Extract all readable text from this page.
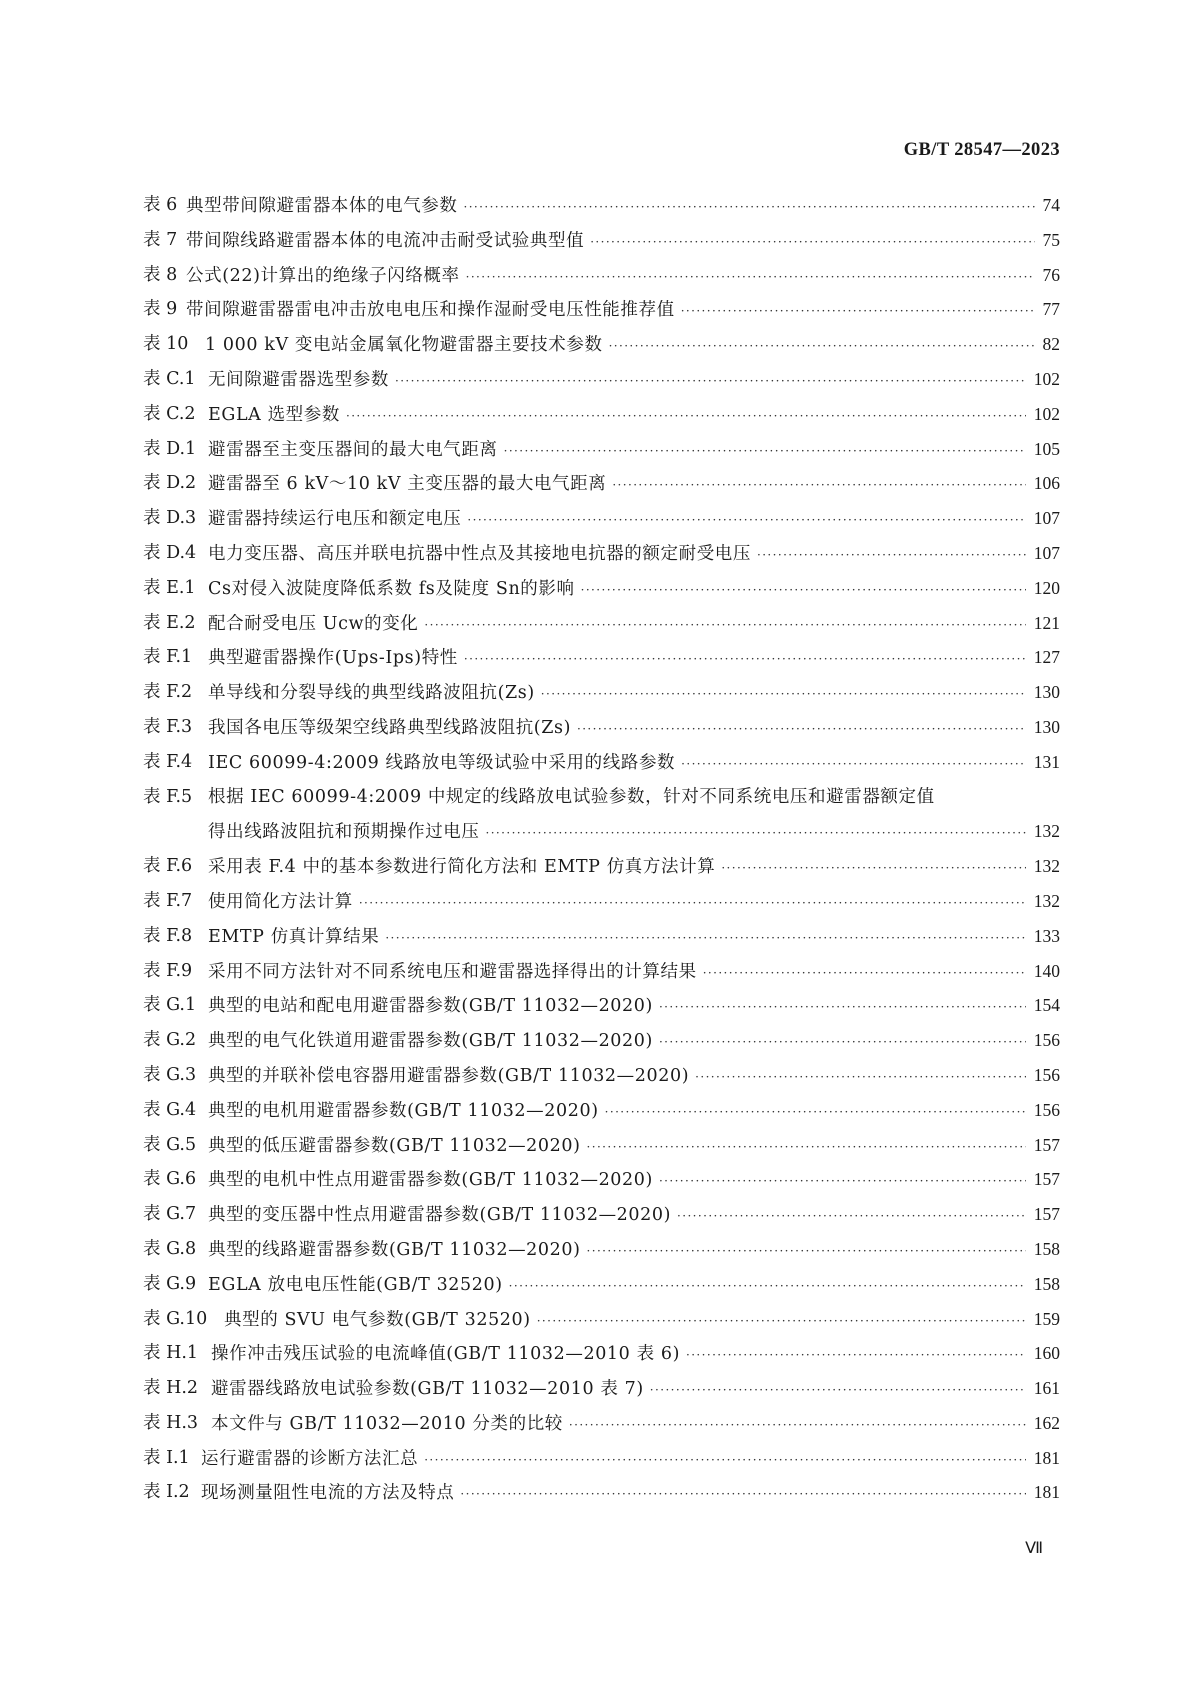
GB/T 28547—2023
表 6 典型带间隙避雷器本体的电气参数 ·····	74
表 7 带间隙线路避雷器本体的电流冲击耐受试验典型值 ·····	75
表 8 公式(22)计算出的绝缘子闪络概率 ·····	76
表 9 带间隙避雷器雷电冲击放电电压和操作湿耐受电压性能推荐值 ·····	77
表 10 1 000 kV 变电站金属氧化物避雷器主要技术参数 ·····	82
表 C.1 无间隙避雷器选型参数 ·····	102
表 C.2 EGLA 选型参数 ·····	102
表 D.1 避雷器至主变压器间的最大电气距离 ·····	105
表 D.2 避雷器至 6 kV～10 kV 主变压器的最大电气距离 ·····	106
表 D.3 避雷器持续运行电压和额定电压 ·····	107
表 D.4 电力变压器、高压并联电抗器中性点及其接地电抗器的额定耐受电压 ·····	107
表 E.1 Cs对侵入波陡度降低系数 fs及陡度 Sn的影响 ·····	120
表 E.2 配合耐受电压 Ucw的变化 ·····	121
表 F.1 典型避雷器操作(Ups-Ips)特性 ·····	127
表 F.2 单导线和分裂导线的典型线路波阻抗(Zs) ·····	130
表 F.3 我国各电压等级架空线路典型线路波阻抗(Zs) ·····	130
表 F.4 IEC 60099-4:2009 线路放电等级试验中采用的线路参数 ·····	131
表 F.5 根据 IEC 60099-4:2009 中规定的线路放电试验参数，针对不同系统电压和避雷器额定值
得出线路波阻抗和预期操作过电压 ·····	132
表 F.6 采用表 F.4 中的基本参数进行简化方法和 EMTP 仿真方法计算 ·····	132
表 F.7 使用简化方法计算 ·····	132
表 F.8 EMTP 仿真计算结果 ·····	133
表 F.9 采用不同方法针对不同系统电压和避雷器选择得出的计算结果 ·····	140
表 G.1 典型的电站和配电用避雷器参数(GB/T 11032—2020) ·····	154
表 G.2 典型的电气化铁道用避雷器参数(GB/T 11032—2020) ·····	156
表 G.3 典型的并联补偿电容器用避雷器参数(GB/T 11032—2020) ·····	156
表 G.4 典型的电机用避雷器参数(GB/T 11032—2020) ·····	156
表 G.5 典型的低压避雷器参数(GB/T 11032—2020) ·····	157
表 G.6 典型的电机中性点用避雷器参数(GB/T 11032—2020) ·····	157
表 G.7 典型的变压器中性点用避雷器参数(GB/T 11032—2020) ·····	157
表 G.8 典型的线路避雷器参数(GB/T 11032—2020) ·····	158
表 G.9 EGLA 放电电压性能(GB/T 32520) ·····	158
表 G.10 典型的 SVU 电气参数(GB/T 32520) ·····	159
表 H.1 操作冲击残压试验的电流峰值(GB/T 11032—2010 表 6) ·····	160
表 H.2 避雷器线路放电试验参数(GB/T 11032—2010 表 7) ·····	161
表 H.3 本文件与 GB/T 11032—2010 分类的比较 ·····	162
表 I.1 运行避雷器的诊断方法汇总 ·····	181
表 I.2 现场测量阻性电流的方法及特点 ·····	181
Ⅶ
